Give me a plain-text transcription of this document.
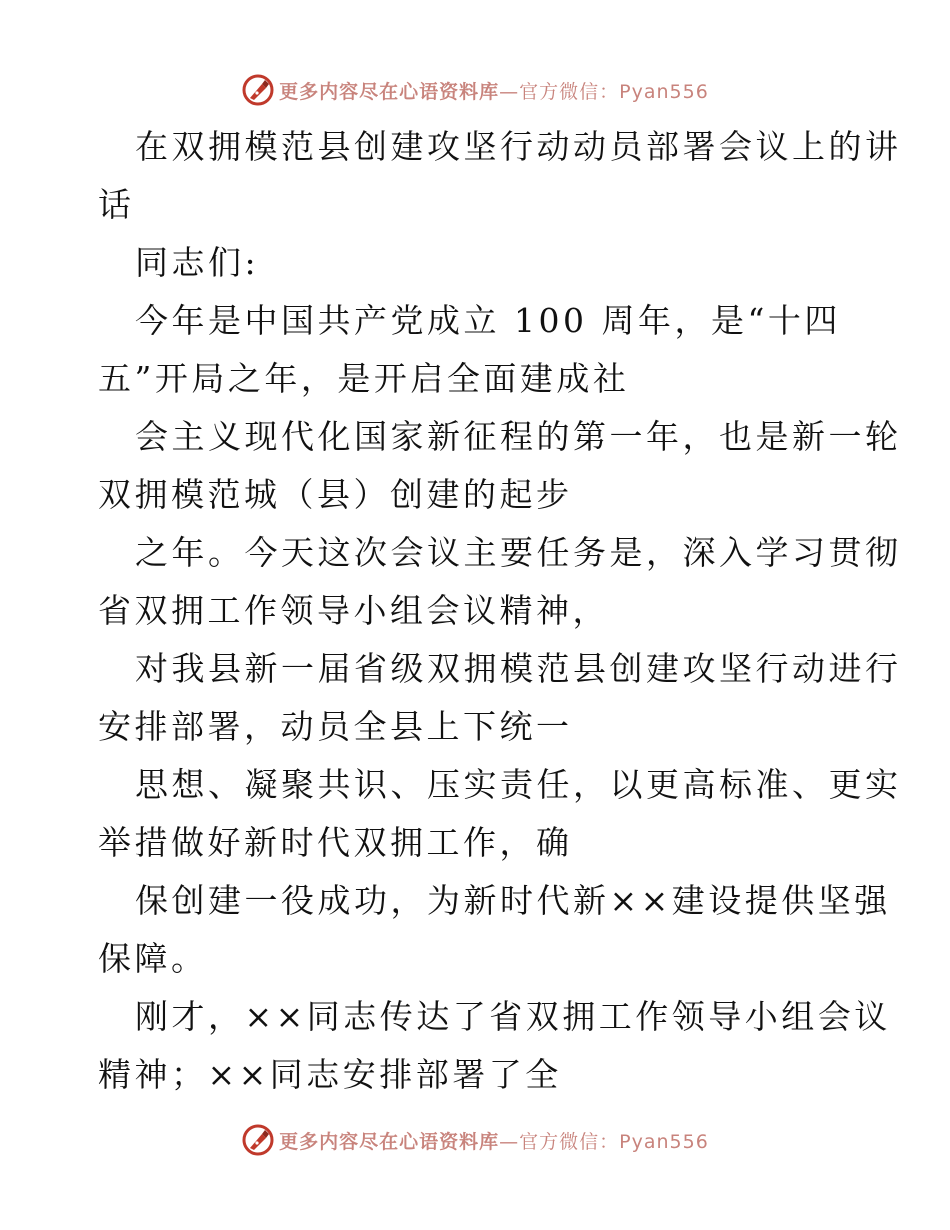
更多内容尽在心语资料库 —官方微信：Pyan556
在双拥模范县创建攻坚行动动员部署会议上的讲
话
同志们:
今年是中国共产党成立 100 周年，是“十四
五”开局之年，是开启全面建成社
会主义现代化国家新征程的第一年，也是新一轮
双拥模范城（县）创建的起步
之年。今天这次会议主要任务是，深入学习贯彻
省双拥工作领导小组会议精神，
对我县新一届省级双拥模范县创建攻坚行动进行
安排部署，动员全县上下统一
思想、凝聚共识、压实责任，以更高标准、更实
举措做好新时代双拥工作，确
保创建一役成功，为新时代新××建设提供坚强
保障。
刚才，××同志传达了省双拥工作领导小组会议
精神；××同志安排部署了全
更多内容尽在心语资料库 —官方微信：Pyan556
